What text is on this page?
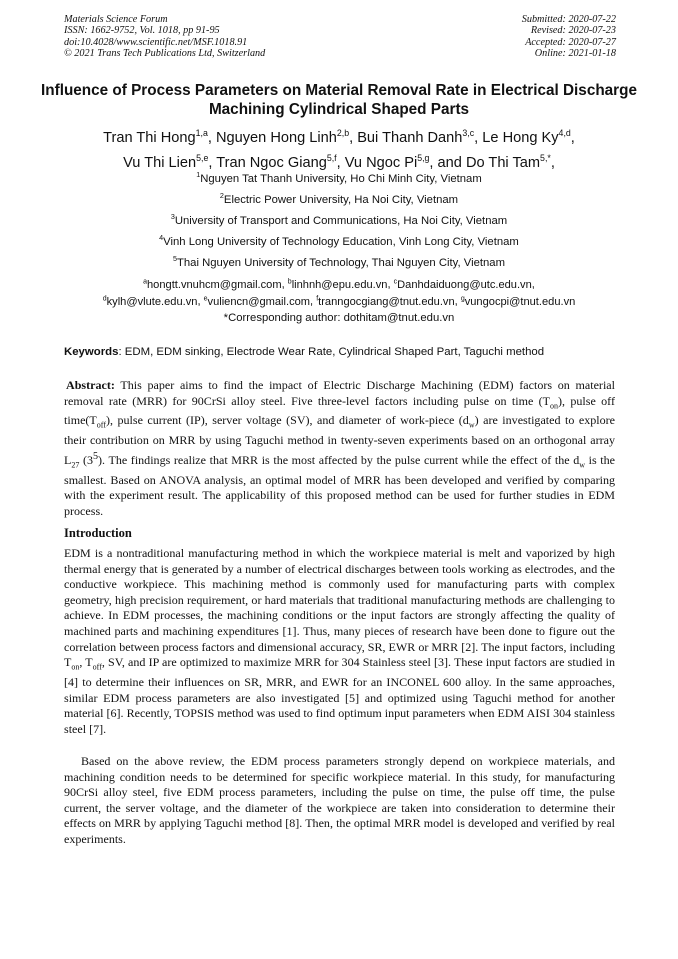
Materials Science Forum
ISSN: 1662-9752, Vol. 1018, pp 91-95
doi:10.4028/www.scientific.net/MSF.1018.91
© 2021 Trans Tech Publications Ltd, Switzerland
Submitted: 2020-07-22
Revised: 2020-07-23
Accepted: 2020-07-27
Online: 2021-01-18
Influence of Process Parameters on Material Removal Rate in Electrical Discharge Machining Cylindrical Shaped Parts
Tran Thi Hong$^{1,a}$, Nguyen Hong Linh$^{2,b}$, Bui Thanh Danh$^{3,c}$, Le Hong Ky$^{4,d}$,
Vu Thi Lien$^{5,e}$, Tran Ngoc Giang$^{5,f}$, Vu Ngoc Pi$^{5,g}$, and Do Thi Tam$^{5,*}$,
$^1$Nguyen Tat Thanh University, Ho Chi Minh City, Vietnam
$^2$Electric Power University, Ha Noi City, Vietnam
$^3$University of Transport and Communications, Ha Noi City, Vietnam
$^4$Vinh Long University of Technology Education, Vinh Long City, Vietnam
$^5$Thai Nguyen University of Technology, Thai Nguyen City, Vietnam
$^a$hongtt.vnuhcm@gmail.com, $^b$linhnh@epu.edu.vn, $^c$Danhdaiduong@utc.edu.vn,
$^d$kylh@vlute.edu.vn, $^e$vuliencn@gmail.com, $^f$tranngocgiang@tnut.edu.vn, $^g$vungocpi@tnut.edu.vn
*Corresponding author: dothitam@tnut.edu.vn
Keywords: EDM, EDM sinking, Electrode Wear Rate, Cylindrical Shaped Part, Taguchi method
Abstract: This paper aims to find the impact of Electric Discharge Machining (EDM) factors on material removal rate (MRR) for 90CrSi alloy steel. Five three-level factors including pulse on time $(T_{on})$, pulse off $time(T_{off})$, pulse current (IP), server voltage (SV), and diameter of work-piece $(d_w)$ are investigated to explore their contribution on MRR by using Taguchi method in twenty-seven experiments based on an orthogonal array $L_{27}$ $(3^5)$. The findings realize that MRR is the most affected by the pulse current while the effect of the $d_w$ is the smallest. Based on ANOVA analysis, an optimal model of MRR has been developed and verified by comparing with the experiment result. The applicability of this proposed method can be used for further studies in EDM process.
Introduction
EDM is a nontraditional manufacturing method in which the workpiece material is melt and vaporized by high thermal energy that is generated by a number of electrical discharges between tools working as electrodes, and the conductive workpiece. This machining method is commonly used for manufacturing parts with complex geometry, high precision requirement, or hard materials that traditional manufacturing methods are challenging to achieve. In EDM processes, the machining conditions or the input factors are strongly affecting the quality of machined parts and machining expenditures [1]. Thus, many pieces of research have been done to figure out the correlation between process factors and dimensional accuracy, SR, EWR or MRR [2]. The input factors, including $T_{on}$, $T_{off}$, SV, and IP are optimized to maximize MRR for 304 Stainless steel [3]. These input factors are studied in [4] to determine their influences on SR, MRR, and EWR for an INCONEL 600 alloy. In the same approaches, similar EDM process parameters are also investigated [5] and optimized using Taguchi method for another material [6]. Recently, TOPSIS method was used to find optimum input parameters when EDM AISI 304 stainless steel [7].
Based on the above review, the EDM process parameters strongly depend on workpiece materials, and machining condition needs to be determined for specific workpiece material. In this study, for manufacturing 90CrSi alloy steel, five EDM process parameters, including the pulse on time, the pulse off time, the pulse current, the server voltage, and the diameter of the workpiece are taken into consideration to determine their effects on MRR by applying Taguchi method [8]. Then, the optimal MRR model is developed and verified by real experiments.
